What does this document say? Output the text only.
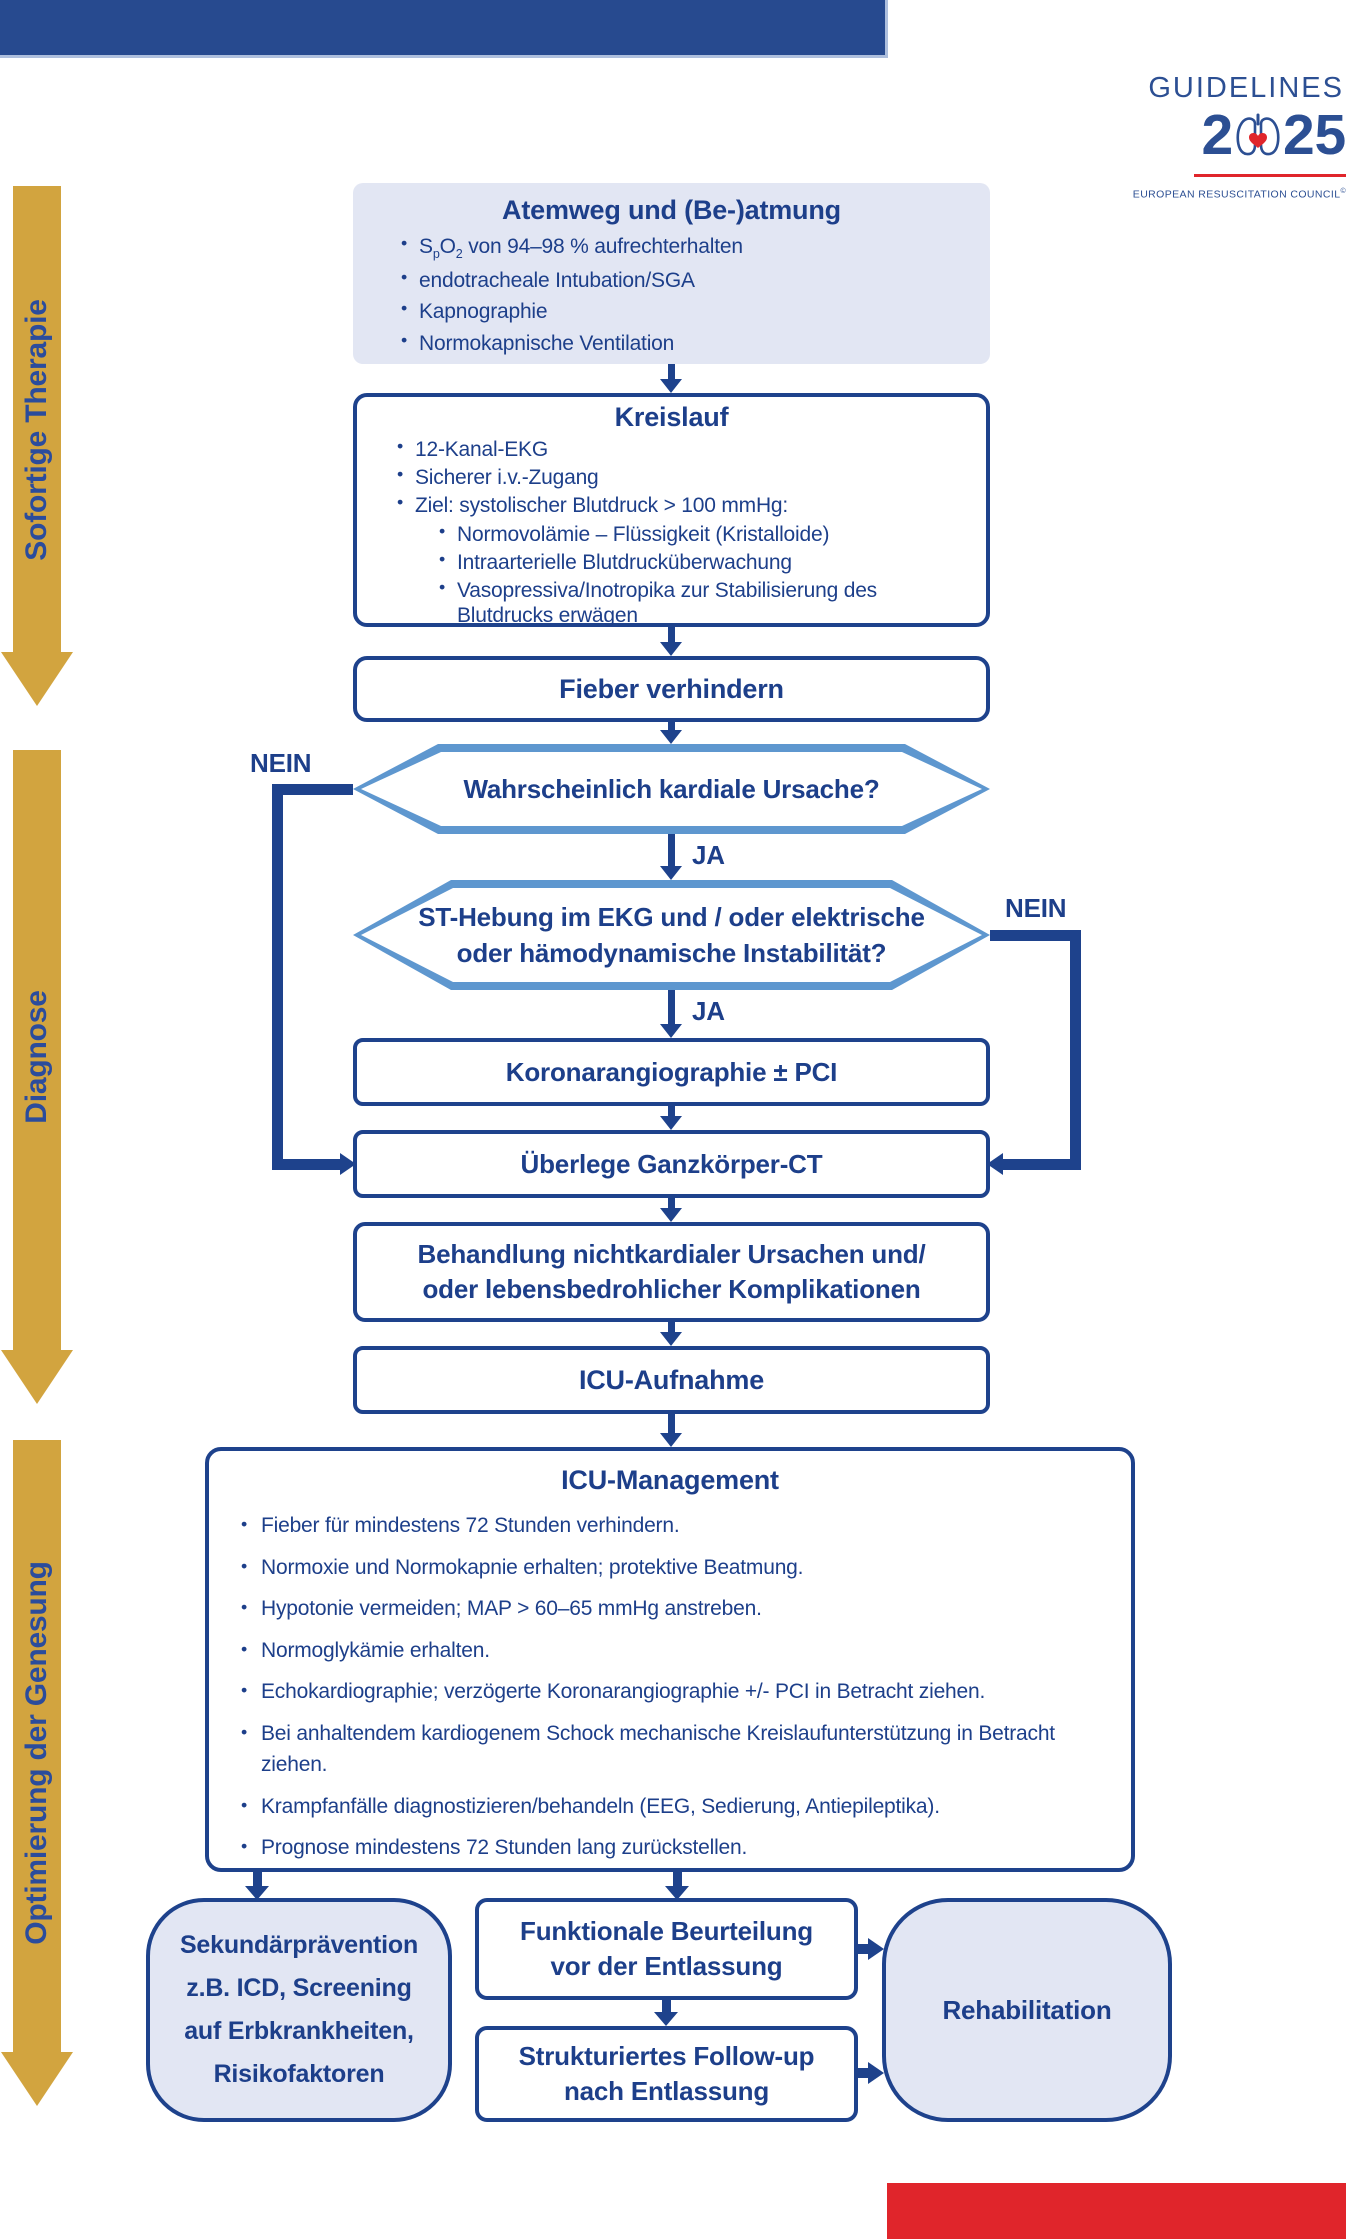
GUIDELINES
2 25
EUROPEAN RESUSCITATION COUNCIL©
Sofortige Therapie
Diagnose
Optimierung der Genesung
Atemweg und (Be-)atmung
• $S_pO_2$ von 94–98 % aufrechterhalten
• endotracheale Intubation/SGA
• Kapnographie
• Normokapnische Ventilation
Kreislauf
• 12-Kanal-EKG
• Sicherer i.v.-Zugang
• Ziel: systolischer Blutdruck > 100 mmHg:
• Normovolämie – Flüssigkeit (Kristalloide)
• Intraarterielle Blutdrucküberwachung
• Vasopressiva/Inotropika zur Stabilisierung des Blutdrucks erwägen
Fieber verhindern
Wahrscheinlich kardiale Ursache?
NEIN
JA
ST-Hebung im EKG und / oder elektrische
oder hämodynamische Instabilität?
NEIN
JA
Koronarangiographie ± PCI
Überlege Ganzkörper-CT
Behandlung nichtkardialer Ursachen und/
oder lebensbedrohlicher Komplikationen
ICU-Aufnahme
ICU-Management
• Fieber für mindestens 72 Stunden verhindern.
• Normoxie und Normokapnie erhalten; protektive Beatmung.
• Hypotonie vermeiden; MAP > 60–65 mmHg anstreben.
• Normoglykämie erhalten.
• Echokardiographie; verzögerte Koronarangiographie +/- PCI in Betracht ziehen.
• Bei anhaltendem kardiogenem Schock mechanische Kreislaufunterstützung in Betracht ziehen.
• Krampfanfälle diagnostizieren/behandeln (EEG, Sedierung, Antiepileptika).
• Prognose mindestens 72 Stunden lang zurückstellen.
Sekundärprävention
z.B. ICD, Screening
auf Erbkrankheiten,
Risikofaktoren
Funktionale Beurteilung
vor der Entlassung
Strukturiertes Follow-up
nach Entlassung
Rehabilitation
